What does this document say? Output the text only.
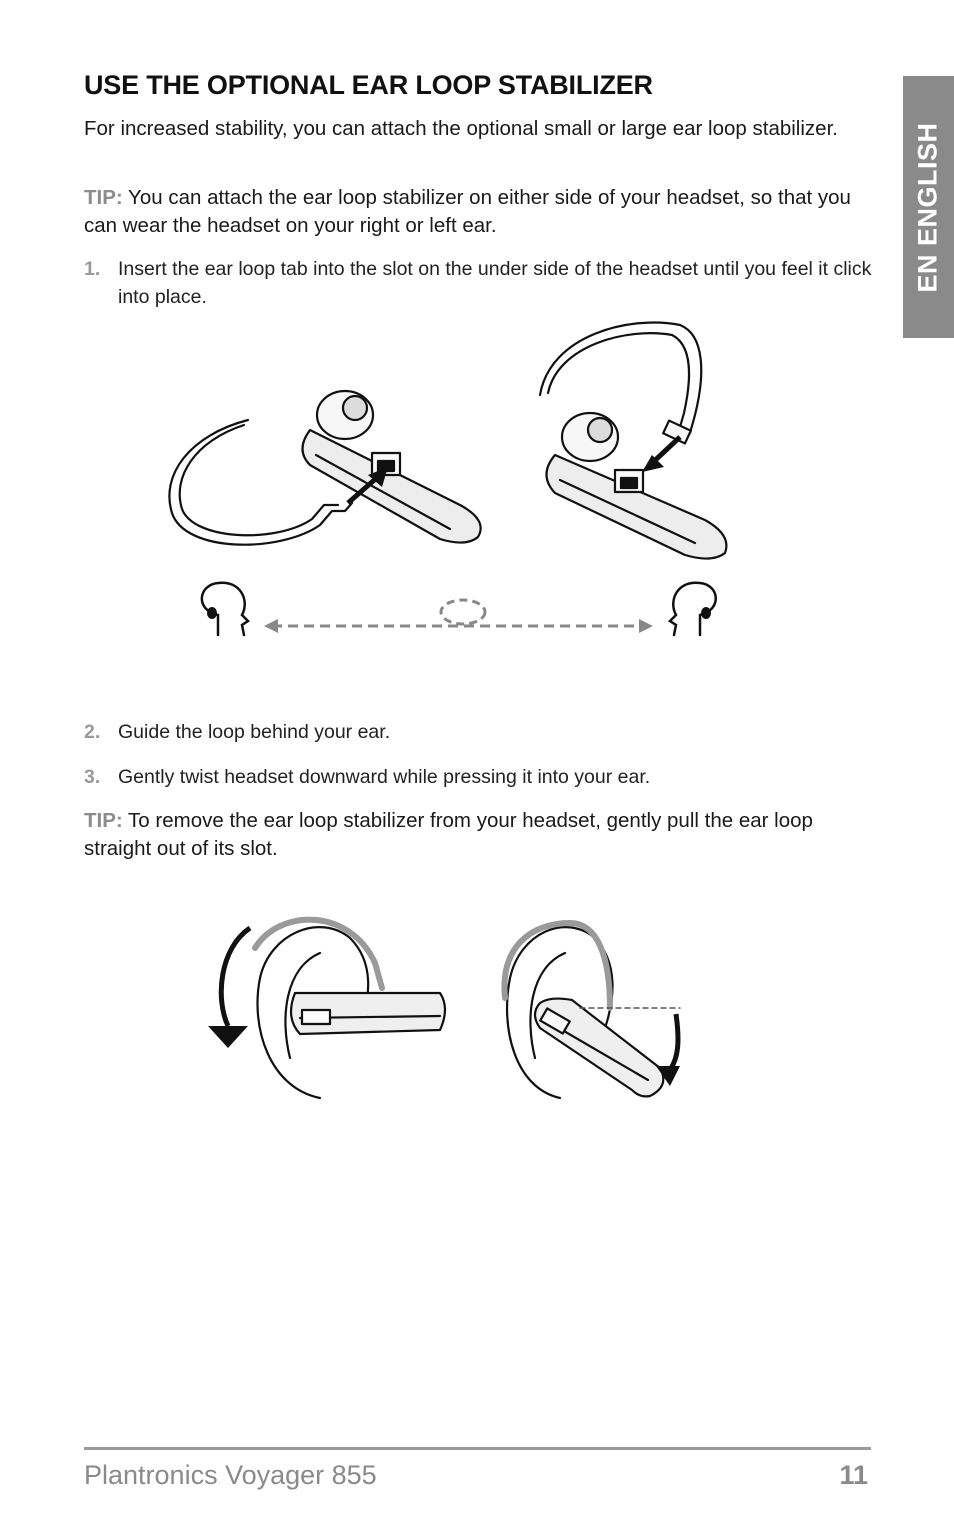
EN ENGLISH
USE THE OPTIONAL EAR LOOP STABILIZER

For increased stability, you can attach the optional small or large ear loop stabilizer.

TIP: You can attach the ear loop stabilizer on either side of your headset, so that you can wear the headset on your right or left ear.

1. Insert the ear loop tab into the slot on the under side of the headset until you feel it click into place.
2. Guide the loop behind your ear.
3. Gently twist headset downward while pressing it into your ear.

TIP: To remove the ear loop stabilizer from your headset, gently pull the ear loop straight out of its slot.

Plantronics Voyager 855	11
